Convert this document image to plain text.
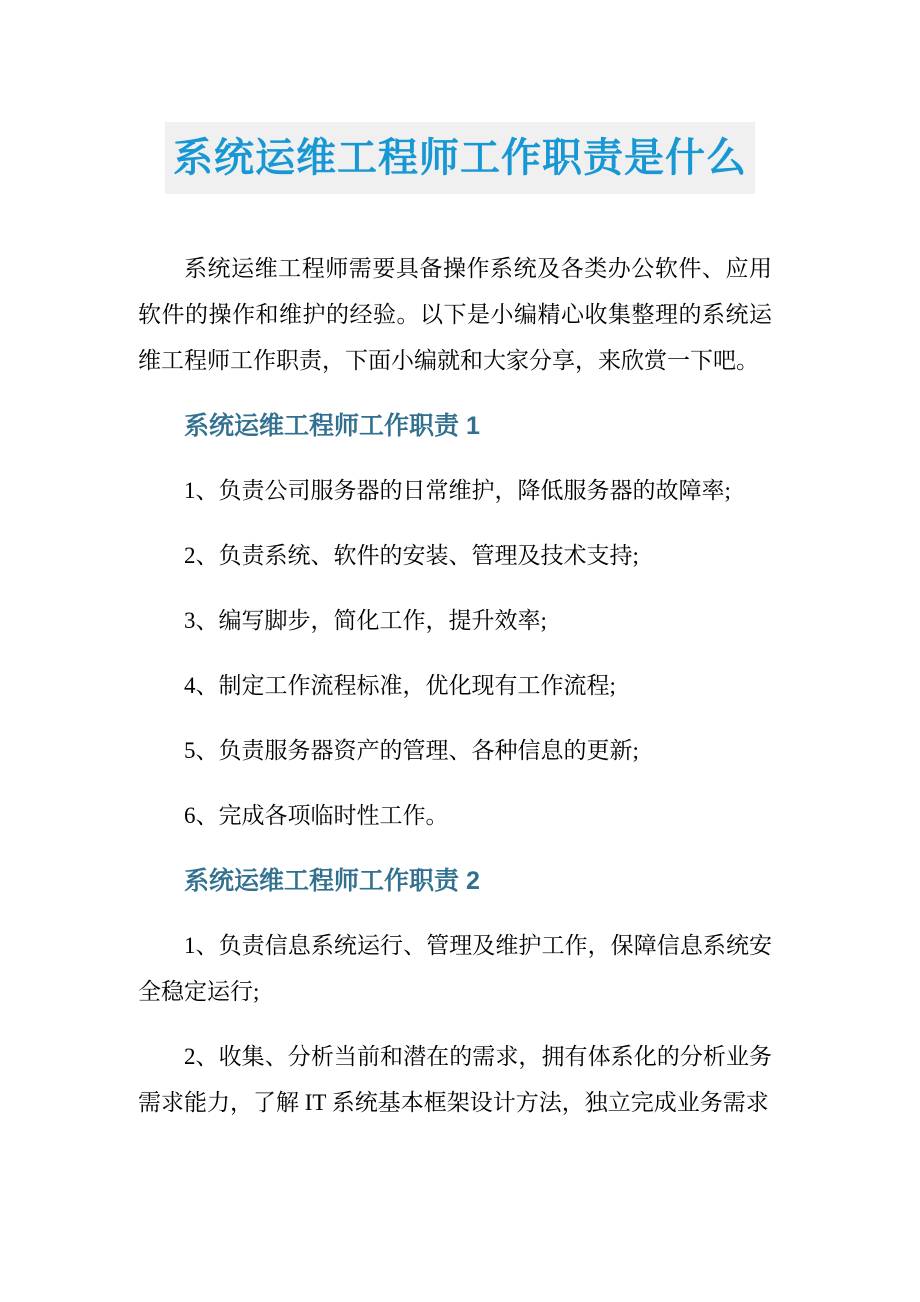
系统运维工程师工作职责是什么

系统运维工程师需要具备操作系统及各类办公软件、应用软件的操作和维护的经验。以下是小编精心收集整理的系统运维工程师工作职责，下面小编就和大家分享，来欣赏一下吧。

系统运维工程师工作职责 1

1、负责公司服务器的日常维护，降低服务器的故障率;

2、负责系统、软件的安装、管理及技术支持;

3、编写脚步，简化工作，提升效率;

4、制定工作流程标准，优化现有工作流程;

5、负责服务器资产的管理、各种信息的更新;

6、完成各项临时性工作。

系统运维工程师工作职责 2

1、负责信息系统运行、管理及维护工作，保障信息系统安全稳定运行;

2、收集、分析当前和潜在的需求，拥有体系化的分析业务需求能力，了解 IT 系统基本框架设计方法，独立完成业务需求
